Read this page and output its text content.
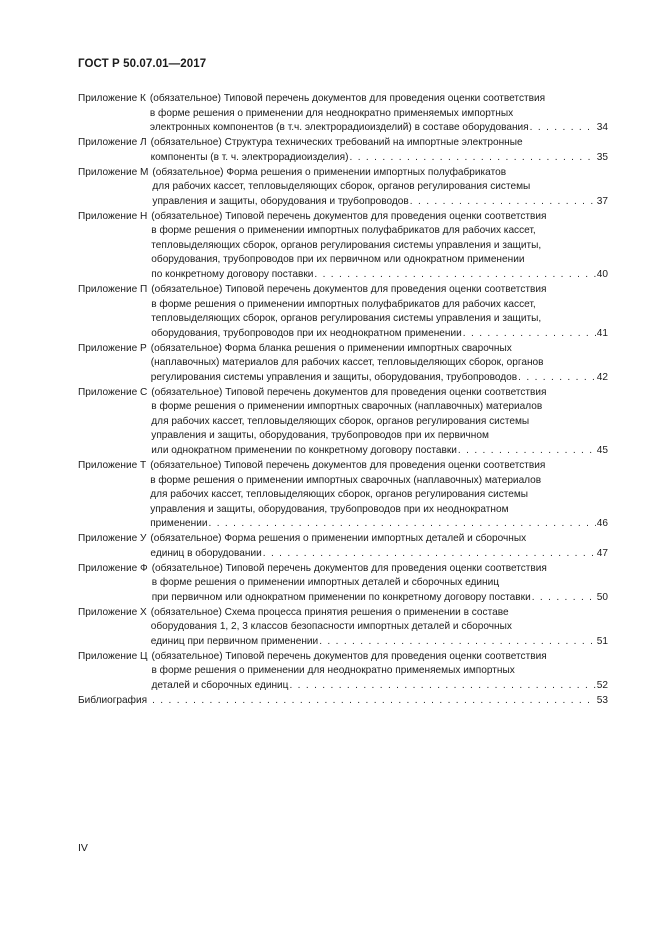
ГОСТ Р 50.07.01—2017
Приложение К (обязательное) Типовой перечень документов для проведения оценки соответствия
в форме решения о применении для неоднократно применяемых импортных
электронных компонентов (в т.ч. электрорадиоизделий) в составе оборудования . . .	34
Приложение Л (обязательное) Структура технических требований на импортные электронные
компоненты (в т. ч. электрорадиоизделия) . . .	35
Приложение М (обязательное) Форма решения о применении импортных полуфабрикатов
для рабочих кассет, тепловыделяющих сборок, органов регулирования системы
управления и защиты, оборудования и трубопроводов . . .	37
Приложение Н (обязательное) Типовой перечень документов для проведения оценки соответствия
в форме решения о применении импортных полуфабрикатов для рабочих кассет,
тепловыделяющих сборок, органов регулирования системы управления и защиты,
оборудования, трубопроводов при их первичном или однократном применении
по конкретному договору поставки . . .	40
Приложение П (обязательное) Типовой перечень документов для проведения оценки соответствия
в форме решения о применении импортных полуфабрикатов для рабочих кассет,
тепловыделяющих сборок, органов регулирования системы управления и защиты,
оборудования, трубопроводов при их неоднократном применении . . .	41
Приложение Р (обязательное) Форма бланка решения о применении импортных сварочных
(наплавочных) материалов для рабочих кассет, тепловыделяющих сборок, органов
регулирования системы управления и защиты, оборудования, трубопроводов . . .	42
Приложение С (обязательное) Типовой перечень документов для проведения оценки соответствия
в форме решения о применении импортных сварочных (наплавочных) материалов
для рабочих кассет, тепловыделяющих сборок, органов регулирования системы
управления и защиты, оборудования, трубопроводов при их первичном
или однократном применении по конкретному договору поставки . . .	45
Приложение Т (обязательное) Типовой перечень документов для проведения оценки соответствия
в форме решения о применении импортных сварочных (наплавочных) материалов
для рабочих кассет, тепловыделяющих сборок, органов регулирования системы
управления и защиты, оборудования, трубопроводов при их неоднократном
применении . . .	46
Приложение У (обязательное) Форма решения о применении импортных деталей и сборочных
единиц в оборудовании . . .	47
Приложение Ф (обязательное) Типовой перечень документов для проведения оценки соответствия
в форме решения о применении импортных деталей и сборочных единиц
при первичном или однократном применении по конкретному договору поставки . . .	50
Приложение Х (обязательное) Схема процесса принятия решения о применении в составе
оборудования 1, 2, 3 классов безопасности импортных деталей и сборочных
единиц при первичном применении . . .	51
Приложение Ц (обязательное) Типовой перечень документов для проведения оценки соответствия
в форме решения о применении для неоднократно применяемых импортных
деталей и сборочных единиц . . .	52
Библиография . . .	53
IV
